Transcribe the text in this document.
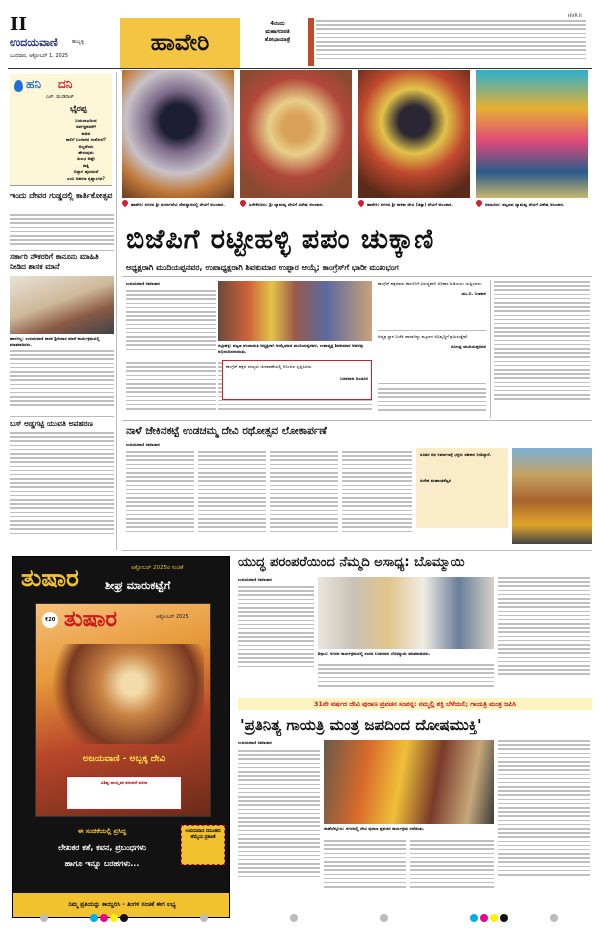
II
ಉದಯವಾಣಿ	ಹುಬ್ಬಳ್ಳಿ
ಬುಧವಾರ, ಅಕ್ಟೋಬರ್ 1, 2025	ಹಾವೇರಿ
4ರಂದು
ಮಹಾಗಣಪತಿ
ಶೋಭಾಯಾತ್ರೆ
HVR II
ಹನಿ ದನಿ
ಎಚ್. ಡುಂಡಿರಾಜ್
ಭೈರಪ್ಪ
ಬಯಲಾಟದಿಂದ
ಸರ್ವಜ್ಞನವರೆಗೆ
ಕಾಡಿದ
ಕಾಲಿಗೆ ಬಂಗಾರದ ಸಂಕೋಲೆ?
ಅಲ್ಲವೆಂದು
ಹೇಳುವುದು
ಸುಲಭ ಅಷ್ಟೇ
ಸಾಕ್ಷಿ
ಬಿದ್ದಾಗ ಹೃದಯವೆ
ಎಂಬ ಆವರಣ ಕೃಷ್ಣಾಂಗದ?
ಇಂದು ದೇವರ ಗುಡ್ಡದಲ್ಲಿ ಕಾರ್ತಿಕೋತ್ಸವ
ಸರ್ಕಾರಿ ನೌಕರರಿಗೆ ಕಾನೂನು ಮಾಹಿತಿ ನೀಡಿದ ಶಾಸಕ ಮಾನೆ
ಹಾನಗಲ್ಲ: ಉದಯವಾಣಿ ಶಾಸಕ ಶ್ರೀನಿವಾಸ ಮಾನೆ ಕಾರ್ಯಕ್ರಮದಲ್ಲಿ ಮಾತನಾಡಿದರು.
ಬಸ್ ಅಡ್ಡಗಟ್ಟಿ ಯುವತಿ ಅಪಹರಣ
ಹಾವೇರಿ: ನಗರದ ಶ್ರೀ ದುರ್ಗಾದೇವಿ ದೇವಸ್ಥಾನದಲ್ಲಿ ದೇವಿಗೆ ಅಲಂಕಾರ.	ಹಿರೇಕೆರೂರು: ಶ್ರೀ ದ್ಯಾಮವ್ವ ದೇವಿಗೆ ವಿಶೇಷ ಅಲಂಕಾರ.	ಹಾವೇರಿ: ನಗರದ ಶ್ರೀ ಕಾಳಿಕಾ ದೇವಿ (ಚಿತ್ತಾ) ದೇವಿಗೆ ಅಲಂಕಾರ.	ಸವಣೂರು: ಪಟ್ಟಣದ ದ್ಯಾಮವ್ವ ದೇವಿಗೆ ವಿಶೇಷ ಅಲಂಕಾರ.
ಬಿಜೆಪಿಗೆ ರಟ್ಟೀಹಳ್ಳಿ ಪಪಂ ಚುಕ್ಕಾಣಿ
ಅಧ್ಯಕ್ಷರಾಗಿ ಮುದಿಯಪ್ಪನವರ, ಉಪಾಧ್ಯಕ್ಷರಾಗಿ ಶಿವಕುಮಾರ ಉಪ್ಪಾರ ಆಯ್ಕೆ; ಕಾಂಗ್ರೆಸ್‌ಗೆ ಭಾರೀ ಮುಖಭಂಗ
ಉದಯವಾಣಿ ಸಮಾಚಾರ
ರಟ್ಟೀಹಳ್ಳಿ: ಪಟ್ಟಣ ಪಂಚಾಯಿತಿ ಅಧ್ಯಕ್ಷರಾಗಿ ಆಯ್ಕೆಯಾದ ಮುದಿಯಪ್ಪನವರ, ಉಪಾಧ್ಯಕ್ಷ ಶಿವಕುಮಾರ ಅವರನ್ನು ಅಭಿನಂದಿಸಲಾಯಿತು.
ಕಾಂಗ್ರೆಸ್ ಪಕ್ಷದ ಸದಸ್ಯರು ಚುನಾವಣೆಯಲ್ಲಿ ಗೊಂದಲ ಸೃಷ್ಟಿಸಿದರು.
ಬಸವರಾಜ ದಿಂಡೂರ
ಕಾಂಗ್ರೆಸ್ ಪಕ್ಷದವರು ಕಾನೂನಿಗೆ ವಿರುದ್ಧವಾಗಿ ಅಧಿಕಾರ ಹಿಡಿಯಲು ಯತ್ನಿಸಿದರು.
ಯು.ಬಿ. ಬಣಕಾರ
ಅಧ್ಯಕ್ಷ ಸ್ಥಾನ ಬಿಜೆಪಿ ಪಾಲಾಗಿದ್ದು ಪಟ್ಟಣದ ಅಭಿವೃದ್ಧಿಗೆ ಶ್ರಮಿಸುತ್ತೇವೆ.
ರವೀಂದ್ರ ಮುದಿಯಪ್ಪನವರ
ನಾಳೆ ಜೇಕಿನಕಟ್ಟೆ ಉಡಚಮ್ಮ ದೇವಿ ರಥೋತ್ಸವ ಲೋಕಾರ್ಪಣೆ
ಉದಯವಾಣಿ ಸಮಾಚಾರ
ನೂತನ ರಥ ನಿರ್ಮಾಣಕ್ಕೆ ಭಕ್ತರು ಸಹಕಾರ ನೀಡಿದ್ದಾರೆ.
ಸುರೇಶ ಮಹಾಂತಶೆಟ್ಟರ
ತುಷಾರ	ಅಕ್ಟೋಬರ್ 2025ರ ಸಂಚಿಕೆ
ಶೀಘ್ರ ಮಾರುಕಟ್ಟೆಗೆ
₹20 ತುಷಾರ	ಅಕ್ಟೋಬರ್ 2025
ಅಜಯವಾಣಿ - ಅಬ್ಬಕ್ಕ ದೇವಿ
ವಿಶಿಷ್ಟ ಸಾಂಸ್ಕೃತಿಕ ಪರಂಪರೆ ದಸರಾ
ಈ ಸಂಚಿಕೆಯಲ್ಲಿ ಪ್ರಸಿದ್ಧ
ಲೇಖಕರ ಕತೆ, ಕವನ, ಪ್ರಬಂಧಗಳು
ಹಾಗೂ ಇನ್ನೂ ಬರಹಗಳು...
ಉದಯವಾಣಿ ಸಮೂಹದ ಹೆಮ್ಮೆಯ ಪ್ರಕಟಣೆ
ನಿಮ್ಮ ಪ್ರತಿಯನ್ನು ಕಾಯ್ದಿರಿಸಿ - ತಿಂಗಳ ಸಂಚಿಕೆ ಈಗ ಲಭ್ಯ
ಯುದ್ಧ ಪರಂಪರೆಯಿಂದ ನೆಮ್ಮದಿ ಅಸಾಧ್ಯ: ಬೊಮ್ಮಾಯಿ
ಉದಯವಾಣಿ ಸಮಾಚಾರ
ಶಿಗ್ಗಾವಿ: ನಗರದ ಕಾರ್ಯಕ್ರಮದಲ್ಲಿ ಸಂಸದ ಬಸವರಾಜ ಬೊಮ್ಮಾಯಿ ಮಾತನಾಡಿದರು.
31ನೇ ವರ್ಷದ ದೇವಿ ಪುರಾಣ ಪ್ರವಚನ ಸಂಪನ್ನ: ನಮ್ಮಲ್ಲಿ ಶಕ್ತಿ ಬೆಳೆಯಲಿ; ಗಾಯತ್ರಿ ಮಂತ್ರ ಜಪಿಸಿ
'ಪ್ರತಿನಿತ್ಯ ಗಾಯತ್ರಿ ಮಂತ್ರ ಜಪದಿಂದ ದೋಷಮುಕ್ತಿ'
ಉದಯವಾಣಿ ಸಮಾಚಾರ
ರಾಣೆಬೆನ್ನೂರು: ನಗರದಲ್ಲಿ ದೇವಿ ಪುರಾಣ ಪ್ರವಚನ ಕಾರ್ಯಕ್ರಮ ನಡೆಯಿತು.
